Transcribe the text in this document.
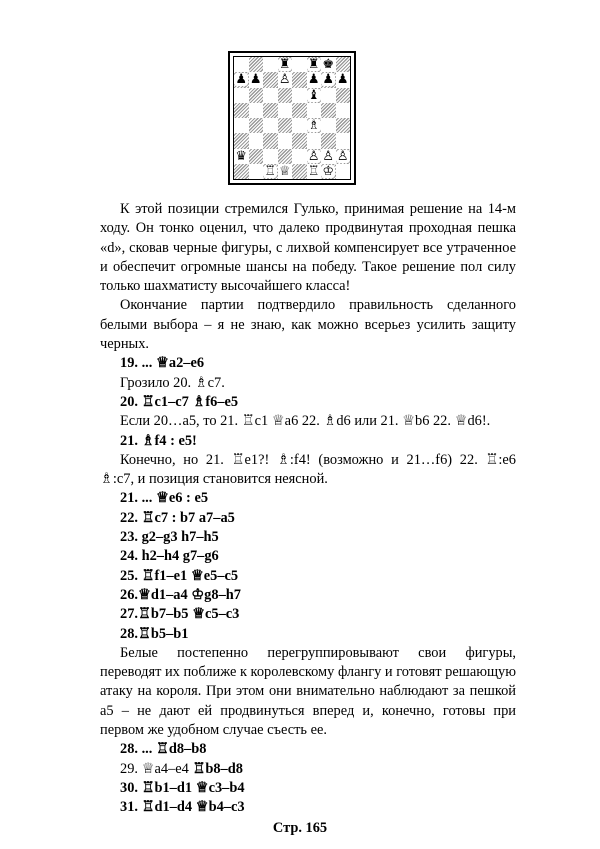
♜ ♜ ♚
♟ ♟ ♙ ♟ ♟ ♟
♝
♗
♛	♙ ♙ ♙
♖ ♕ ♖ ♔

К этой позиции стремился Гулько, принимая решение на 14-м ходу. Он тонко оценил, что далеко продвинутая проходная пешка «d», сковав черные фигуры, с лихвой компенсирует все утраченное и обеспечит огромные шансы на победу. Такое решение пол силу только шахматисту высочайшего класса!

Окончание партии подтвердило правильность сделанного белыми выбора – я не знаю, как можно всерьез усилить защиту черных.

19. ... ♕a2–e6

Грозило 20. ♗c7.

20. ♖c1–c7 ♗f6–e5

Если 20…a5, то 21. ♖c1 ♕a6 22. ♗d6 или 21. ♕b6 22. ♕d6!.

21. ♗f4 : e5!

Конечно, но 21. ♖e1?! ♗:f4! (возможно и 21…f6) 22. ♖:e6 ♗:c7, и позиция становится неясной.

21. ... ♕e6 : e5

22. ♖c7 : b7 a7–a5

23. g2–g3 h7–h5

24. h2–h4 g7–g6

25. ♖f1–e1 ♕e5–c5

26.♕d1–a4 ♔g8–h7

27.♖b7–b5 ♕c5–c3

28.♖b5–b1

Белые постепенно перегруппировывают свои фигуры, переводят их поближе к королевскому флангу и готовят решающую атаку на короля. При этом они внимательно наблюдают за пешкой a5 – не дают ей продвинуться вперед и, конечно, готовы при первом же удобном случае съесть ее.

28. ... ♖d8–b8

29. ♕a4–e4 ♖b8–d8

30. ♖b1–d1 ♕c3–b4

31. ♖d1–d4 ♕b4–c3

Стр. 165
